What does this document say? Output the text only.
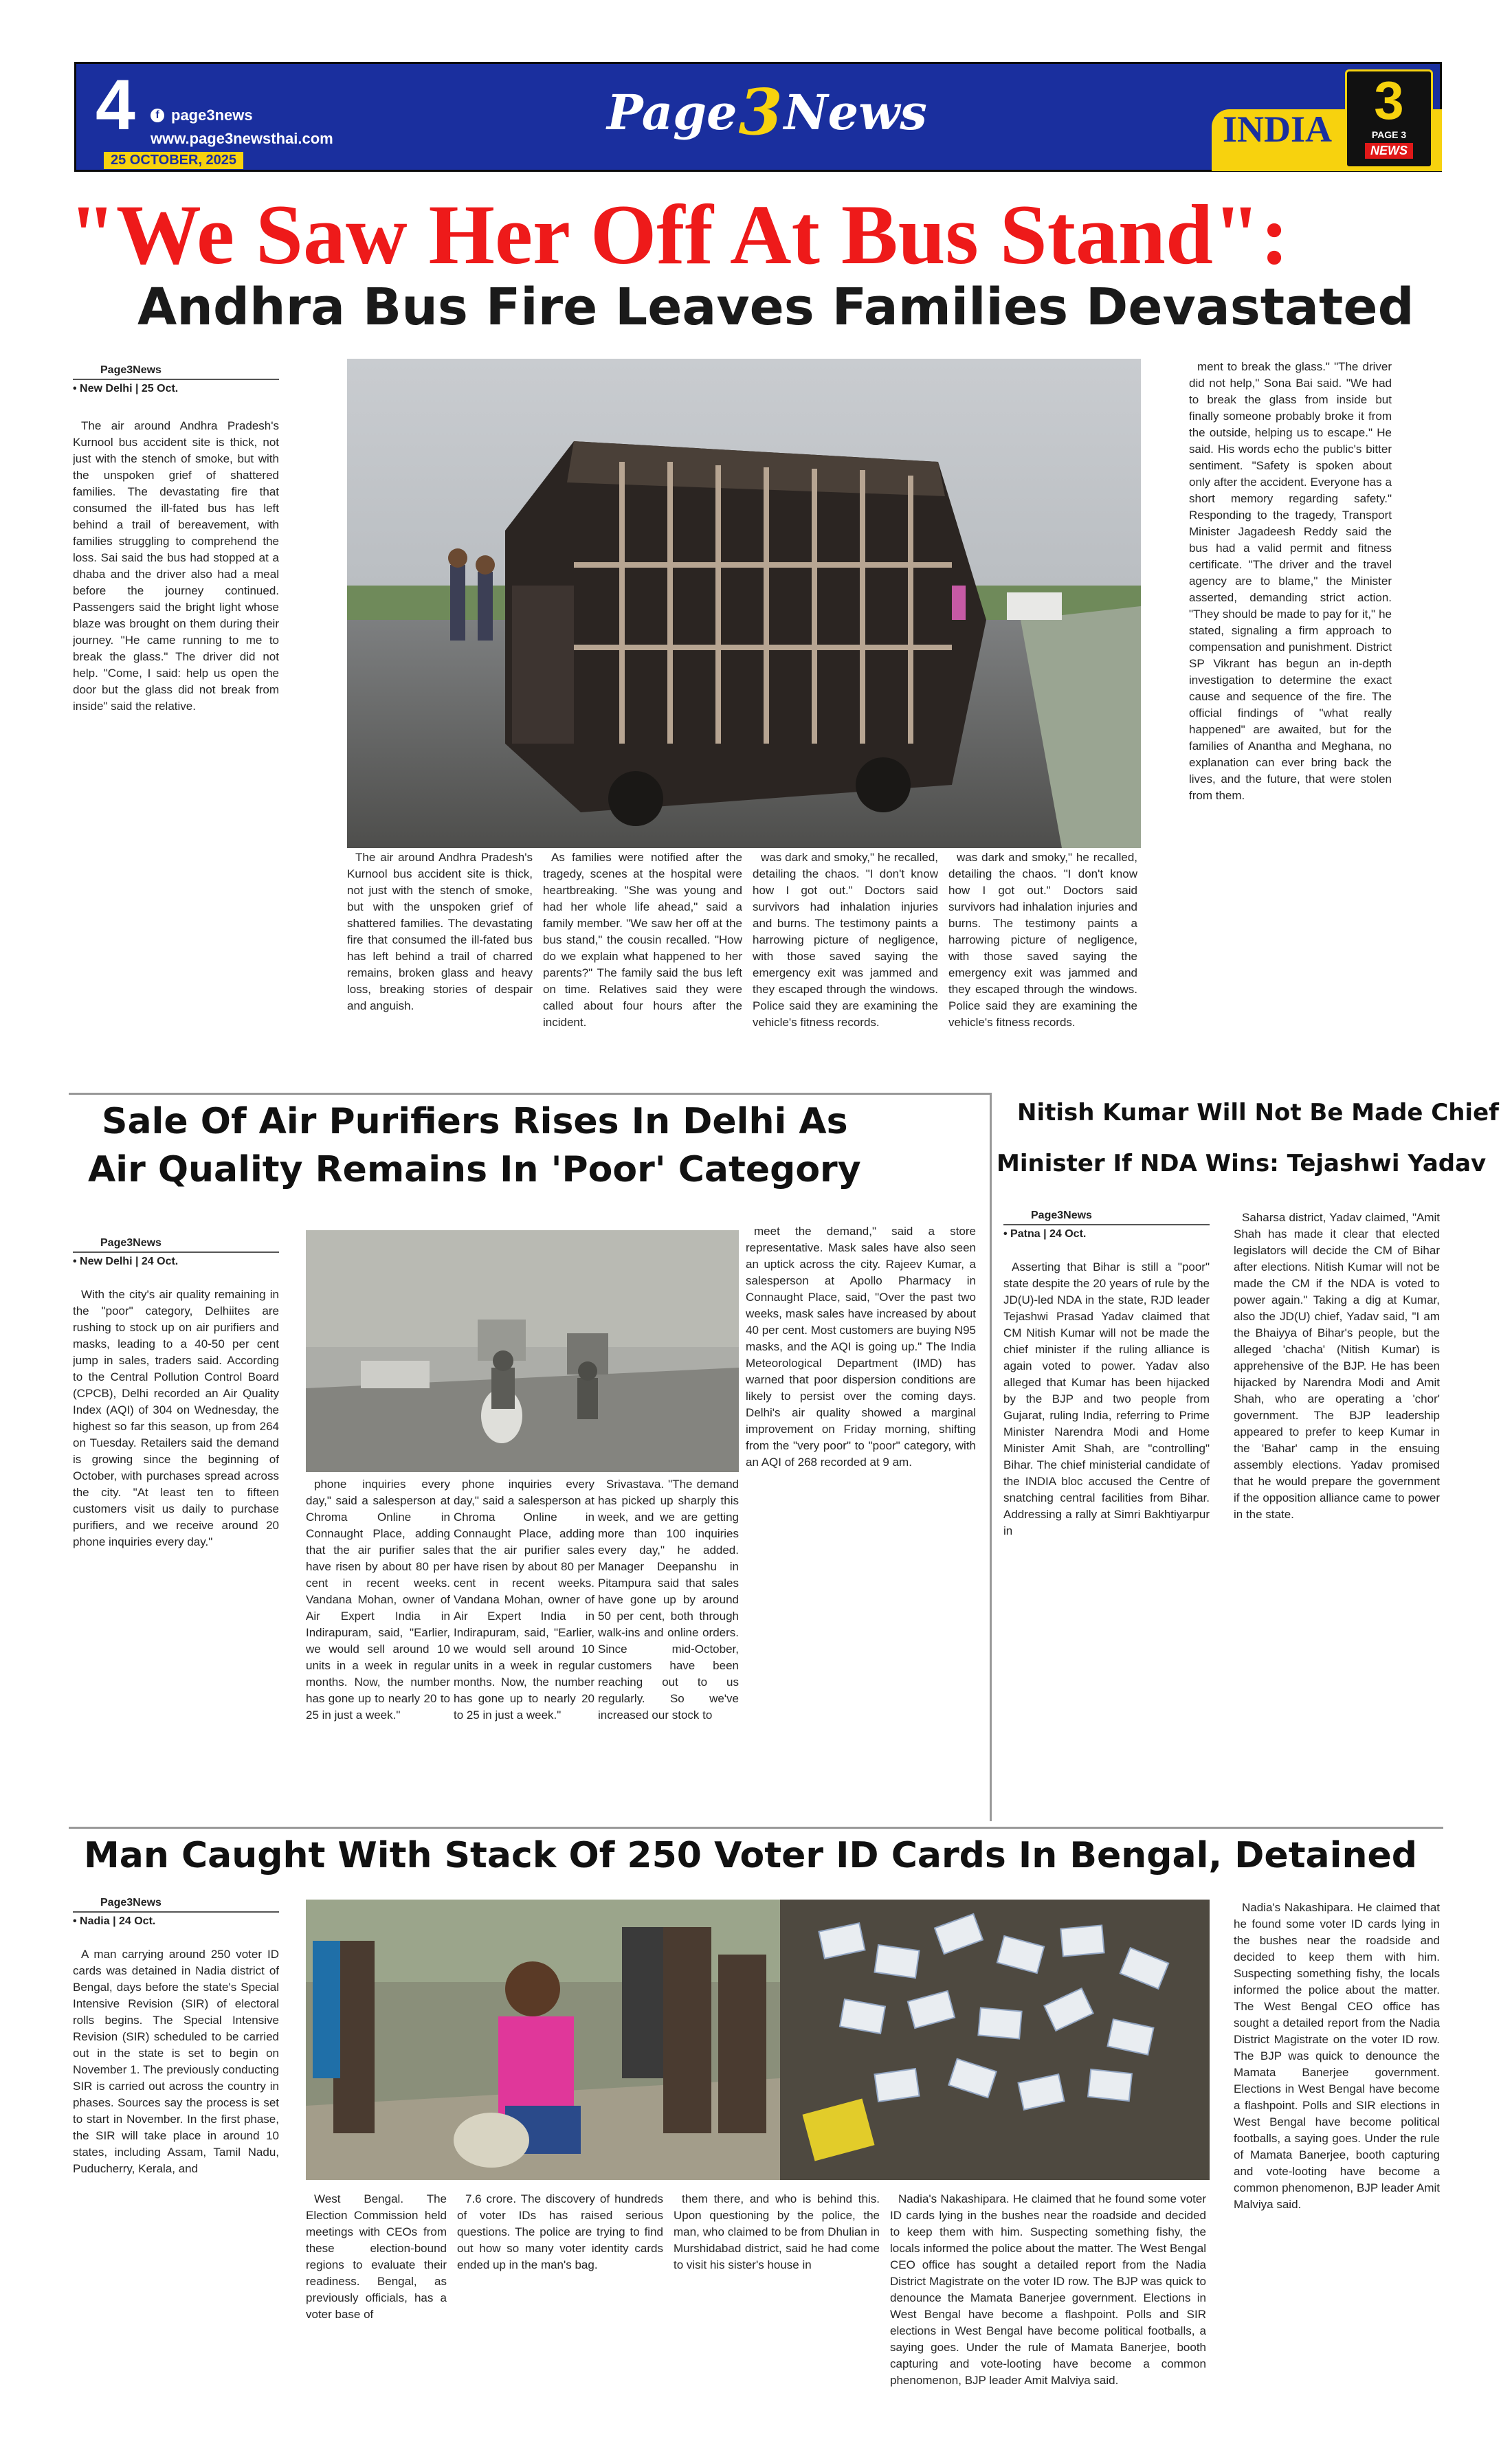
4	f page3news
www.page3newsthai.com
25 OCTOBER, 2025
Page 3 News	INDIA 3
PAGE 3
NEWS
"We Saw Her Off At Bus Stand":
Andhra Bus Fire Leaves Families Devastated
Page3News
• New Delhi | 25 Oct.

The air around Andhra Pradesh's Kurnool bus accident site is thick, not just with the stench of smoke, but with the unspoken grief of shattered families. The devastating fire that consumed the ill-fated bus has left behind a trail of bereavement, with families struggling to comprehend the loss. Sai said the bus had stopped at a dhaba and the driver also had a meal before the journey continued. Passengers said the bright light whose blaze was brought on them during their journey. "He came running to me to break the glass." The driver did not help. "Come, I said: help us open the door but the glass did not break from inside" said the relative.

The air around Andhra Pradesh's Kurnool bus accident site is thick, not just with the stench of smoke, but with the unspoken grief of shattered families. The devastating fire that consumed the ill-fated bus has left behind a trail of charred remains, broken glass and heavy loss, breaking stories of despair and anguish.

As families were notified after the tragedy, scenes at the hospital were heartbreaking. "She was young and had her whole life ahead," said a family member. "We saw her off at the bus stand," the cousin recalled. "How do we explain what happened to her parents?" The family said the bus left on time. Relatives said they were called about four hours after the incident.

was dark and smoky," he recalled, detailing the chaos. "I don't know how I got out." Doctors said survivors had inhalation injuries and burns. The testimony paints a harrowing picture of negligence, with those saved saying the emergency exit was jammed and they escaped through the windows. Police said they are examining the vehicle's fitness records.

was dark and smoky," he recalled, detailing the chaos. "I don't know how I got out." Doctors said survivors had inhalation injuries and burns. The testimony paints a harrowing picture of negligence, with those saved saying the emergency exit was jammed and they escaped through the windows. Police said they are examining the vehicle's fitness records.

ment to break the glass." "The driver did not help," Sona Bai said. "We had to break the glass from inside but finally someone probably broke it from the outside, helping us to escape." He said. His words echo the public's bitter sentiment. "Safety is spoken about only after the accident. Everyone has a short memory regarding safety." Responding to the tragedy, Transport Minister Jagadeesh Reddy said the bus had a valid permit and fitness certificate. "The driver and the travel agency are to blame," the Minister asserted, demanding strict action. "They should be made to pay for it," he stated, signaling a firm approach to compensation and punishment. District SP Vikrant has begun an in-depth investigation to determine the exact cause and sequence of the fire. The official findings of "what really happened" are awaited, but for the families of Anantha and Meghana, no explanation can ever bring back the lives, and the future, that were stolen from them.

Sale Of Air Purifiers Rises In Delhi As
Air Quality Remains In 'Poor' Category
Page3News
• New Delhi | 24 Oct.

With the city's air quality remaining in the "poor" category, Delhiites are rushing to stock up on air purifiers and masks, leading to a 40-50 per cent jump in sales, traders said. According to the Central Pollution Control Board (CPCB), Delhi recorded an Air Quality Index (AQI) of 304 on Wednesday, the highest so far this season, up from 264 on Tuesday. Retailers said the demand is growing since the beginning of October, with purchases spread across the city. "At least ten to fifteen customers visit us daily to purchase purifiers, and we receive around 20 phone inquiries every day."

phone inquiries every day," said a salesperson at Chroma Online in Connaught Place, adding that the air purifier sales have risen by about 80 per cent in recent weeks. Vandana Mohan, owner of Air Expert India in Indirapuram, said, "Earlier, we would sell around 10 units in a week in regular months. Now, the number has gone up to nearly 20 to 25 in just a week."

phone inquiries every day," said a salesperson at Chroma Online in Connaught Place, adding that the air purifier sales have risen by about 80 per cent in recent weeks. Vandana Mohan, owner of Air Expert India in Indirapuram, said, "Earlier, we would sell around 10 units in a week in regular months. Now, the number has gone up to nearly 20 to 25 in just a week."

Srivastava. "The demand has picked up sharply this week, and we are getting more than 100 inquiries every day," he added. Manager Deepanshu in Pitampura said that sales have gone up by around 50 per cent, both through walk-ins and online orders. Since mid-October, customers have been reaching out to us regularly. So we've increased our stock to

meet the demand," said a store representative. Mask sales have also seen an uptick across the city. Rajeev Kumar, a salesperson at Apollo Pharmacy in Connaught Place, said, "Over the past two weeks, mask sales have increased by about 40 per cent. Most customers are buying N95 masks, and the AQI is going up." The India Meteorological Department (IMD) has warned that poor dispersion conditions are likely to persist over the coming days. Delhi's air quality showed a marginal improvement on Friday morning, shifting from the "very poor" to "poor" category, with an AQI of 268 recorded at 9 am.

Nitish Kumar Will Not Be Made Chief
Minister If NDA Wins: Tejashwi Yadav
Page3News
• Patna | 24 Oct.

Asserting that Bihar is still a "poor" state despite the 20 years of rule by the JD(U)-led NDA in the state, RJD leader Tejashwi Prasad Yadav claimed that CM Nitish Kumar will not be made the chief minister if the ruling alliance is again voted to power. Yadav also alleged that Kumar has been hijacked by the BJP and two people from Gujarat, ruling India, referring to Prime Minister Narendra Modi and Home Minister Amit Shah, are "controlling" Bihar. The chief ministerial candidate of the INDIA bloc accused the Centre of snatching central facilities from Bihar. Addressing a rally at Simri Bakhtiyarpur in

Saharsa district, Yadav claimed, "Amit Shah has made it clear that elected legislators will decide the CM of Bihar after elections. Nitish Kumar will not be made the CM if the NDA is voted to power again." Taking a dig at Kumar, also the JD(U) chief, Yadav said, "I am the Bhaiyya of Bihar's people, but the alleged 'chacha' (Nitish Kumar) is apprehensive of the BJP. He has been hijacked by Narendra Modi and Amit Shah, who are operating a 'chor' government. The BJP leadership appeared to prefer to keep Kumar in the 'Bahar' camp in the ensuing assembly elections. Yadav promised that he would prepare the government if the opposition alliance came to power in the state.

Man Caught With Stack Of 250 Voter ID Cards In Bengal, Detained
Page3News
• Nadia | 24 Oct.

A man carrying around 250 voter ID cards was detained in Nadia district of Bengal, days before the state's Special Intensive Revision (SIR) of electoral rolls begins. The Special Intensive Revision (SIR) scheduled to be carried out in the state is set to begin on November 1. The previously conducting SIR is carried out across the country in phases. Sources say the process is set to start in November. In the first phase, the SIR will take place in around 10 states, including Assam, Tamil Nadu, Puducherry, Kerala, and

West Bengal. The Election Commission held meetings with CEOs from these election-bound regions to evaluate their readiness. Bengal, as previously officials, has a voter base of

7.6 crore. The discovery of hundreds of voter IDs has raised serious questions. The police are trying to find out how so many voter identity cards ended up in the man's bag.

them there, and who is behind this. Upon questioning by the police, the man, who claimed to be from Dhulian in Murshidabad district, said he had come to visit his sister's house in

Nadia's Nakashipara. He claimed that he found some voter ID cards lying in the bushes near the roadside and decided to keep them with him. Suspecting something fishy, the locals informed the police about the matter. The West Bengal CEO office has sought a detailed report from the Nadia District Magistrate on the voter ID row. The BJP was quick to denounce the Mamata Banerjee government. Elections in West Bengal have become a flashpoint. Polls and SIR elections in West Bengal have become political footballs, a saying goes. Under the rule of Mamata Banerjee, booth capturing and vote-looting have become a common phenomenon, BJP leader Amit Malviya said.

Nadia's Nakashipara. He claimed that he found some voter ID cards lying in the bushes near the roadside and decided to keep them with him. Suspecting something fishy, the locals informed the police about the matter. The West Bengal CEO office has sought a detailed report from the Nadia District Magistrate on the voter ID row. The BJP was quick to denounce the Mamata Banerjee government. Elections in West Bengal have become a flashpoint. Polls and SIR elections in West Bengal have become political footballs, a saying goes. Under the rule of Mamata Banerjee, booth capturing and vote-looting have become a common phenomenon, BJP leader Amit Malviya said.
